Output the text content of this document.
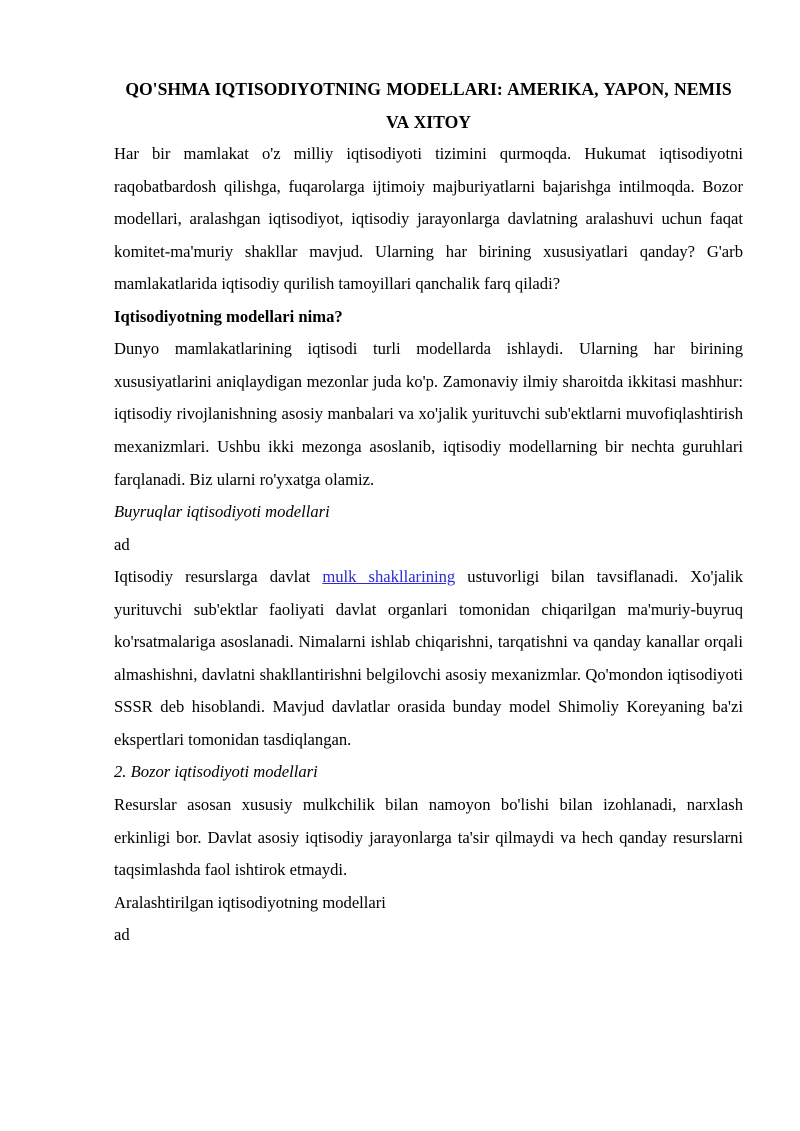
QO'SHMA IQTISODIYOTNING MODELLARI: AMERIKA, YAPON, NEMIS VA XITOY

Har bir mamlakat o'z milliy iqtisodiyoti tizimini qurmoqda. Hukumat iqtisodiyotni raqobatbardosh qilishga, fuqarolarga ijtimoiy majburiyatlarni bajarishga intilmoqda. Bozor modellari, aralashgan iqtisodiyot, iqtisodiy jarayonlarga davlatning aralashuvi uchun faqat komitet-ma'muriy shakllar mavjud. Ularning har birining xususiyatlari qanday? G'arb mamlakatlarida iqtisodiy qurilish tamoyillari qanchalik farq qiladi?

Iqtisodiyotning modellari nima?

Dunyo mamlakatlarining iqtisodi turli modellarda ishlaydi. Ularning har birining xususiyatlarini aniqlaydigan mezonlar juda ko'p. Zamonaviy ilmiy sharoitda ikkitasi mashhur: iqtisodiy rivojlanishning asosiy manbalari va xo'jalik yurituvchi sub'ektlarni muvofiqlashtirish mexanizmlari. Ushbu ikki mezonga asoslanib, iqtisodiy modellarning bir nechta guruhlari farqlanadi. Biz ularni ro'yxatga olamiz.

Buyruqlar iqtisodiyoti modellari

ad

Iqtisodiy resurslarga davlat mulk shakllarining ustuvorligi bilan tavsiflanadi. Xo'jalik yurituvchi sub'ektlar faoliyati davlat organlari tomonidan chiqarilgan ma'muriy-buyruq ko'rsatmalariga asoslanadi. Nimalarni ishlab chiqarishni, tarqatishni va qanday kanallar orqali almashishni, davlatni shakllantirishni belgilovchi asosiy mexanizmlar. Qo'mondon iqtisodiyoti SSSR deb hisoblandi. Mavjud davlatlar orasida bunday model Shimoliy Koreyaning ba'zi ekspertlari tomonidan tasdiqlangan.

2. Bozor iqtisodiyoti modellari

Resurslar asosan xususiy mulkchilik bilan namoyon bo'lishi bilan izohlanadi, narxlash erkinligi bor. Davlat asosiy iqtisodiy jarayonlarga ta'sir qilmaydi va hech qanday resurslarni taqsimlashda faol ishtirok etmaydi.

Aralashtirilgan iqtisodiyotning modellari

ad
